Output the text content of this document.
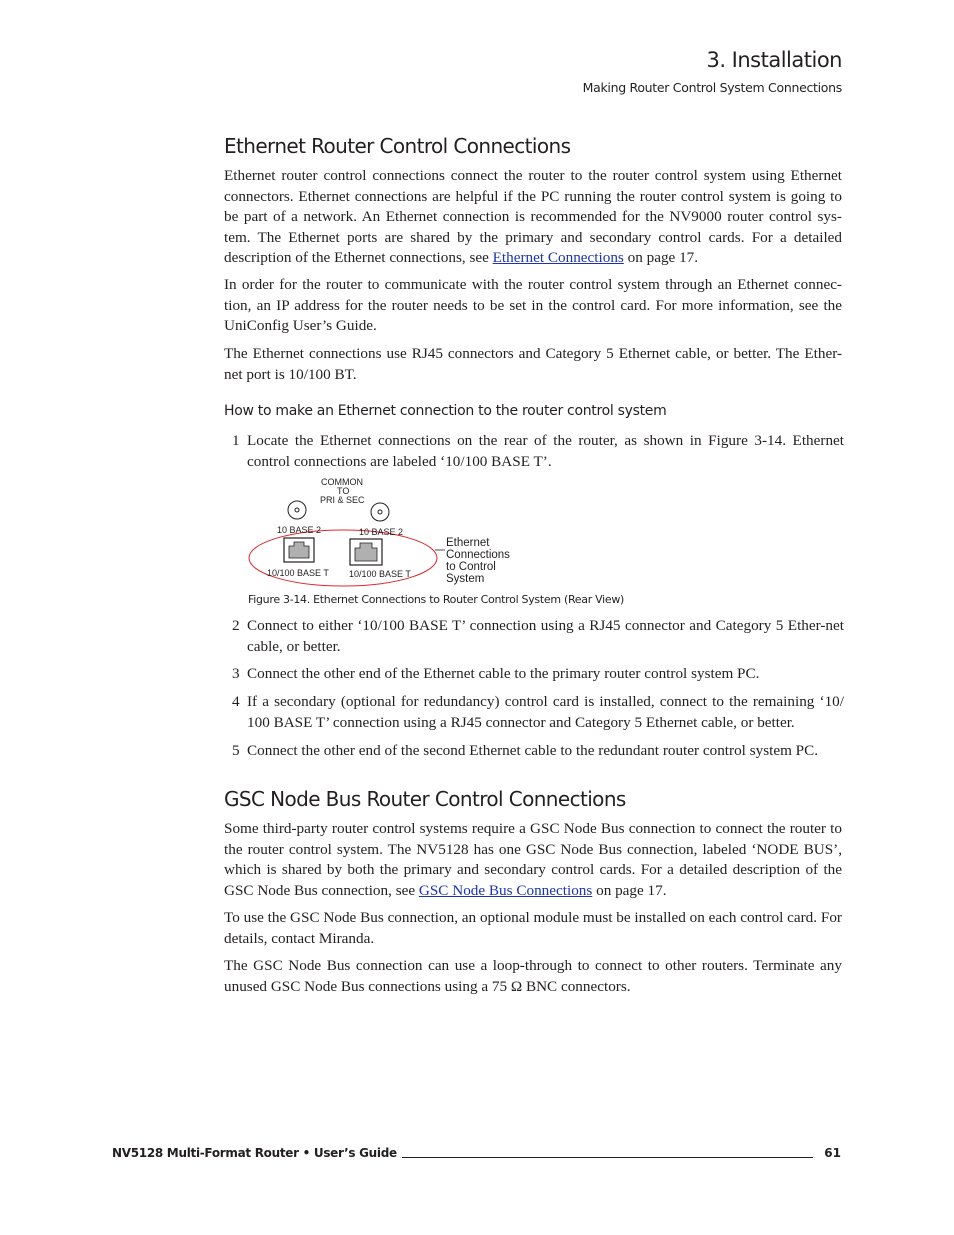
3. Installation
Making Router Control System Connections
Ethernet Router Control Connections

Ethernet router control connections connect the router to the router control system using Ethernet connectors. Ethernet connections are helpful if the PC running the router control system is going to be part of a network. An Ethernet connection is recommended for the NV9000 router control sys-tem. The Ethernet ports are shared by the primary and secondary control cards. For a detailed description of the Ethernet connections, see Ethernet Connections on page 17.

In order for the router to communicate with the router control system through an Ethernet connec-tion, an IP address for the router needs to be set in the control card. For more information, see the UniConfig User’s Guide.

The Ethernet connections use RJ45 connectors and Category 5 Ethernet cable, or better. The Ether-net port is 10/100 BT.

How to make an Ethernet connection to the router control system
1 Locate the Ethernet connections on the rear of the router, as shown in Figure 3-14. Ethernet control connections are labeled ‘10/100 BASE T’.
COMMON
TO
PRI & SEC
10 BASE 2	10 BASE 2
10/100 BASE T 10/100 BASE T
Ethernet
Connections
to Control
System
Figure 3-14. Ethernet Connections to Router Control System (Rear View)
2 Connect to either ‘10/100 BASE T’ connection using a RJ45 connector and Category 5 Ether-net cable, or better.
3 Connect the other end of the Ethernet cable to the primary router control system PC.
4 If a secondary (optional for redundancy) control card is installed, connect to the remaining ‘10/ 100 BASE T’ connection using a RJ45 connector and Category 5 Ethernet cable, or better.
5 Connect the other end of the second Ethernet cable to the redundant router control system PC.
GSC Node Bus Router Control Connections

Some third-party router control systems require a GSC Node Bus connection to connect the router to the router control system. The NV5128 has one GSC Node Bus connection, labeled ‘NODE BUS’, which is shared by both the primary and secondary control cards. For a detailed description of the GSC Node Bus connection, see GSC Node Bus Connections on page 17.

To use the GSC Node Bus connection, an optional module must be installed on each control card. For details, contact Miranda.

The GSC Node Bus connection can use a loop-through to connect to other routers. Terminate any unused GSC Node Bus connections using a 75 Ω BNC connectors.

NV5128 Multi-Format Router • User’s Guide	61
